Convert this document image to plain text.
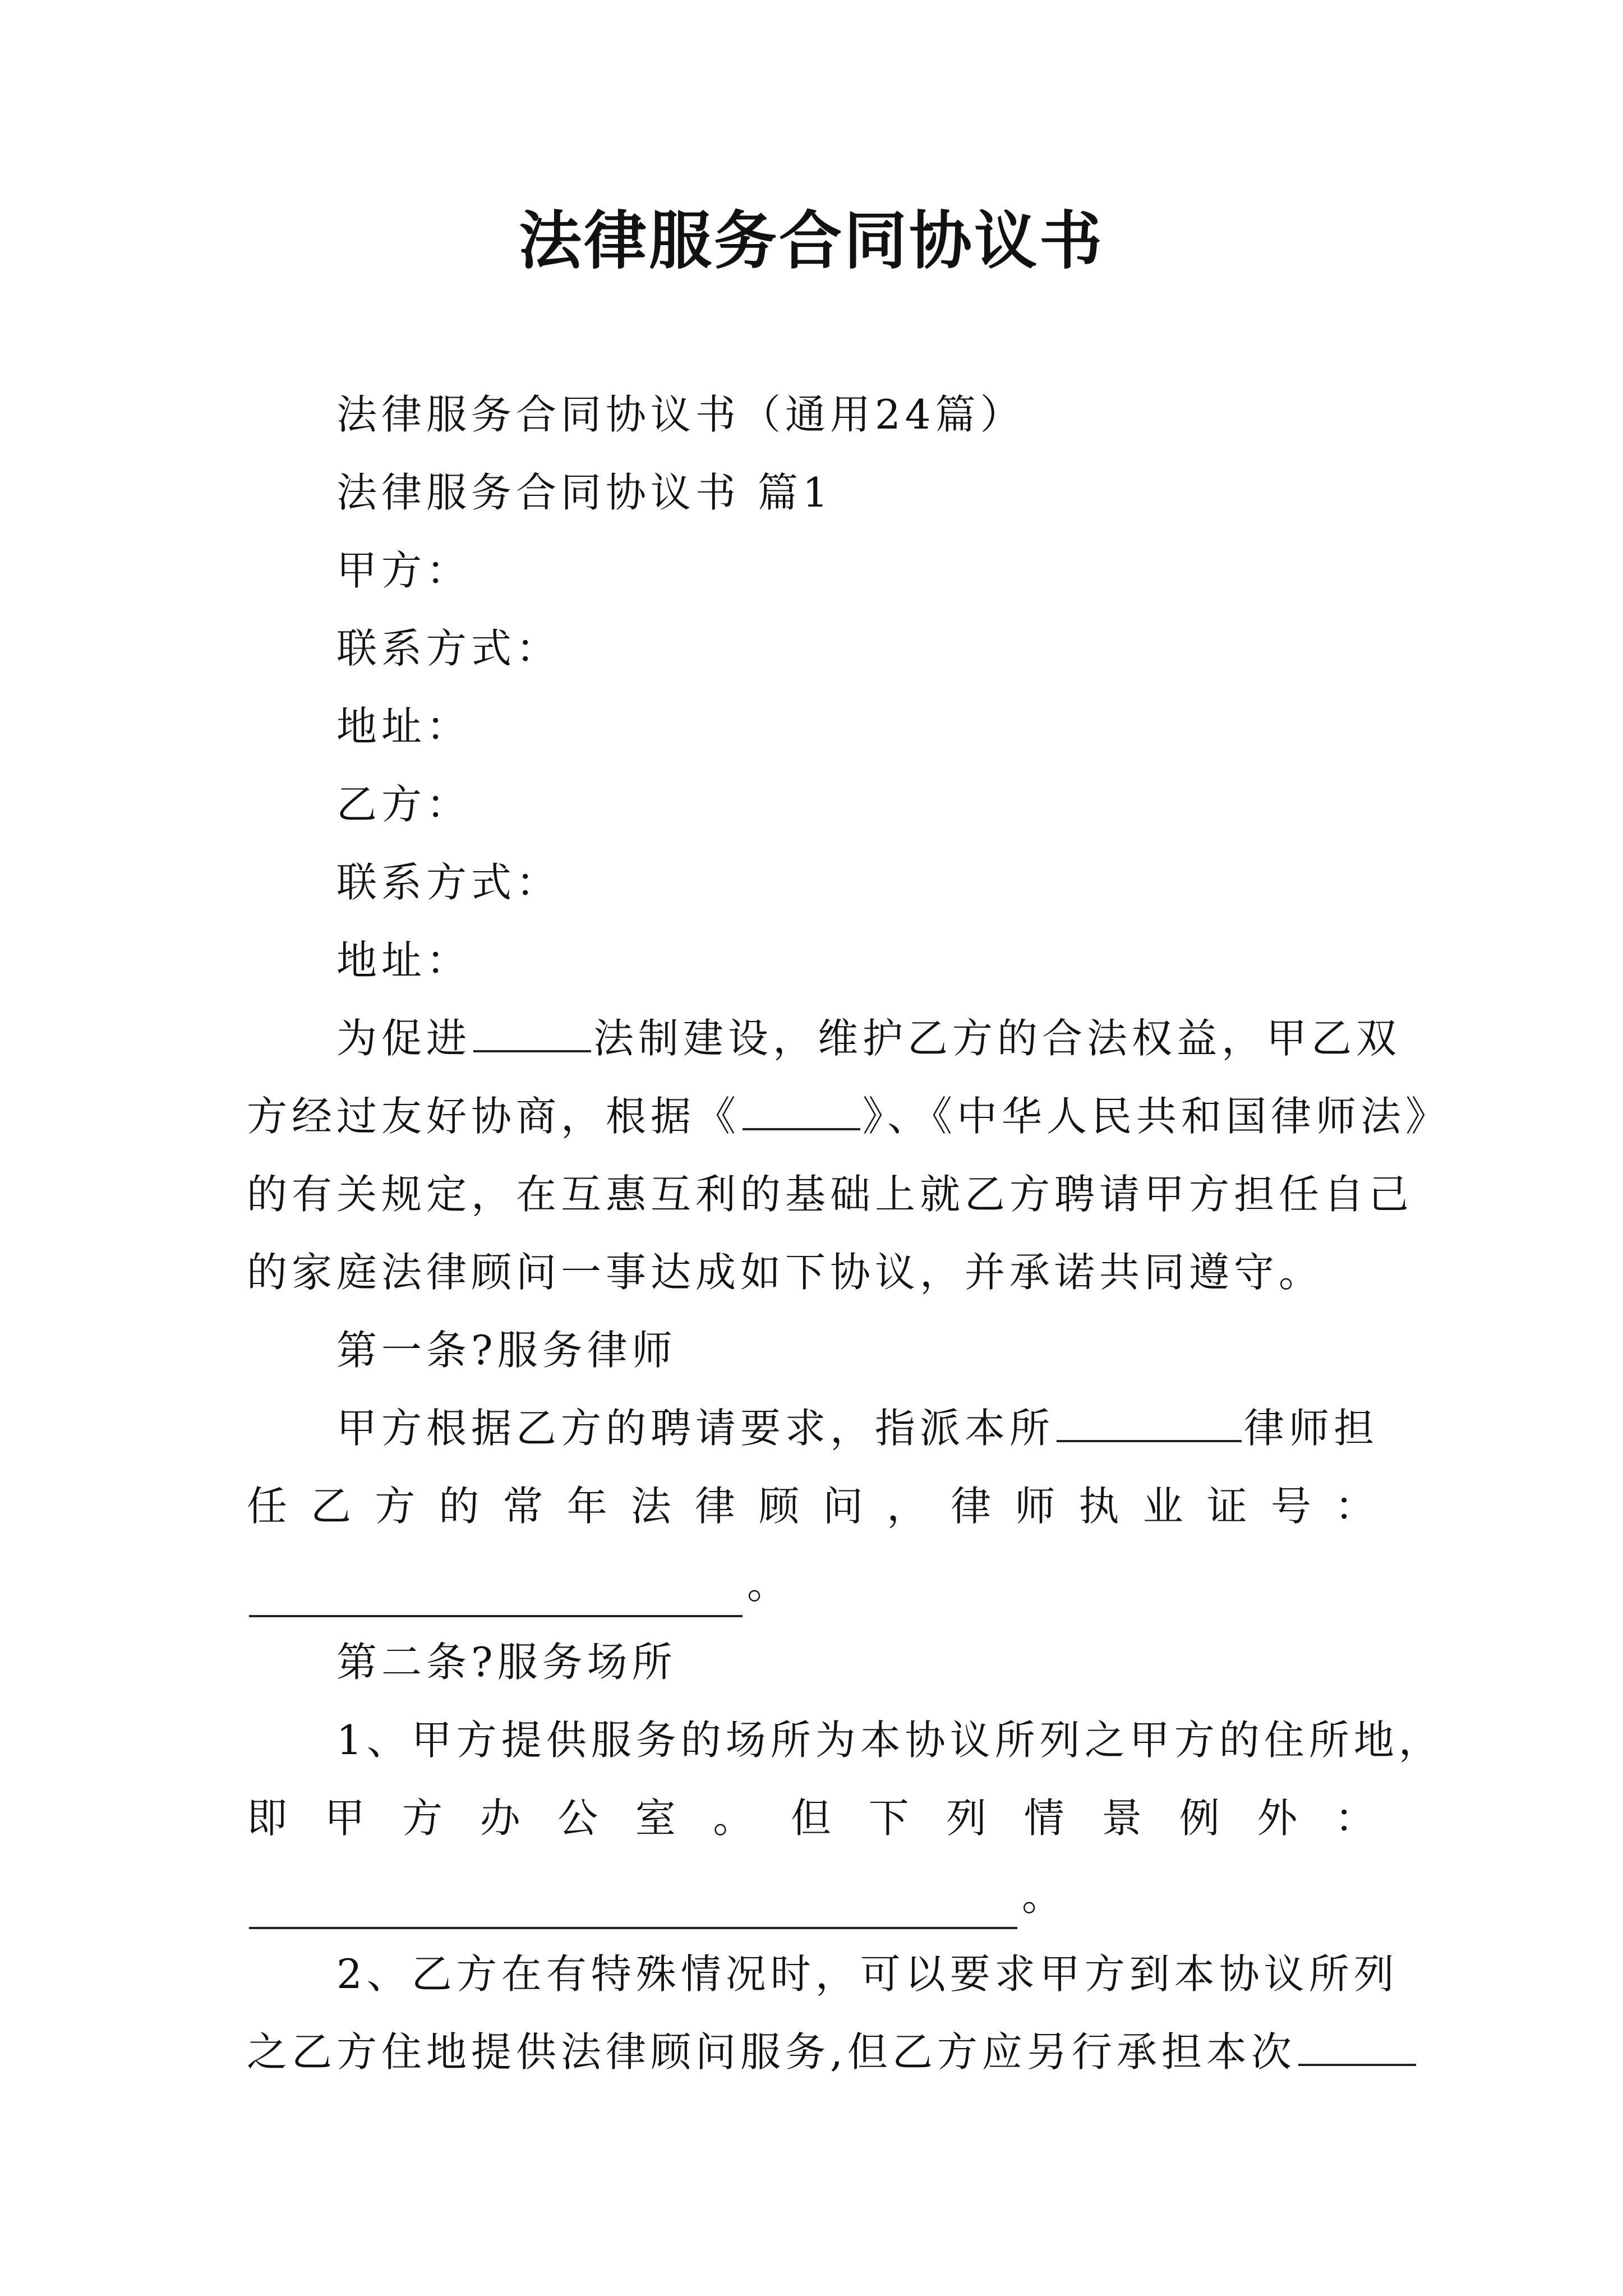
法律服务合同协议书

法律服务合同协议书（通用24篇）

法律服务合同协议书 篇1

甲方：

联系方式：

地址：

乙方：

联系方式：

地址：

为促进	法制建设，维护乙方的合法权益，甲乙双

方经过友好协商，根据《	》、《中华人民共和国律师法》

的有关规定，在互惠互利的基础上就乙方聘请甲方担任自己

的家庭法律顾问一事达成如下协议，并承诺共同遵守。

第一条?服务律师

甲方根据乙方的聘请要求，指派本所	律师担

任乙方的常年法律顾问，律师执业证号：

。

第二条?服务场所

1、甲方提供服务的场所为本协议所列之甲方的住所地，

即甲方办公室。但下列情景例外：

。

2、乙方在有特殊情况时，可以要求甲方到本协议所列

之乙方住地提供法律顾问服务,但乙方应另行承担本次
